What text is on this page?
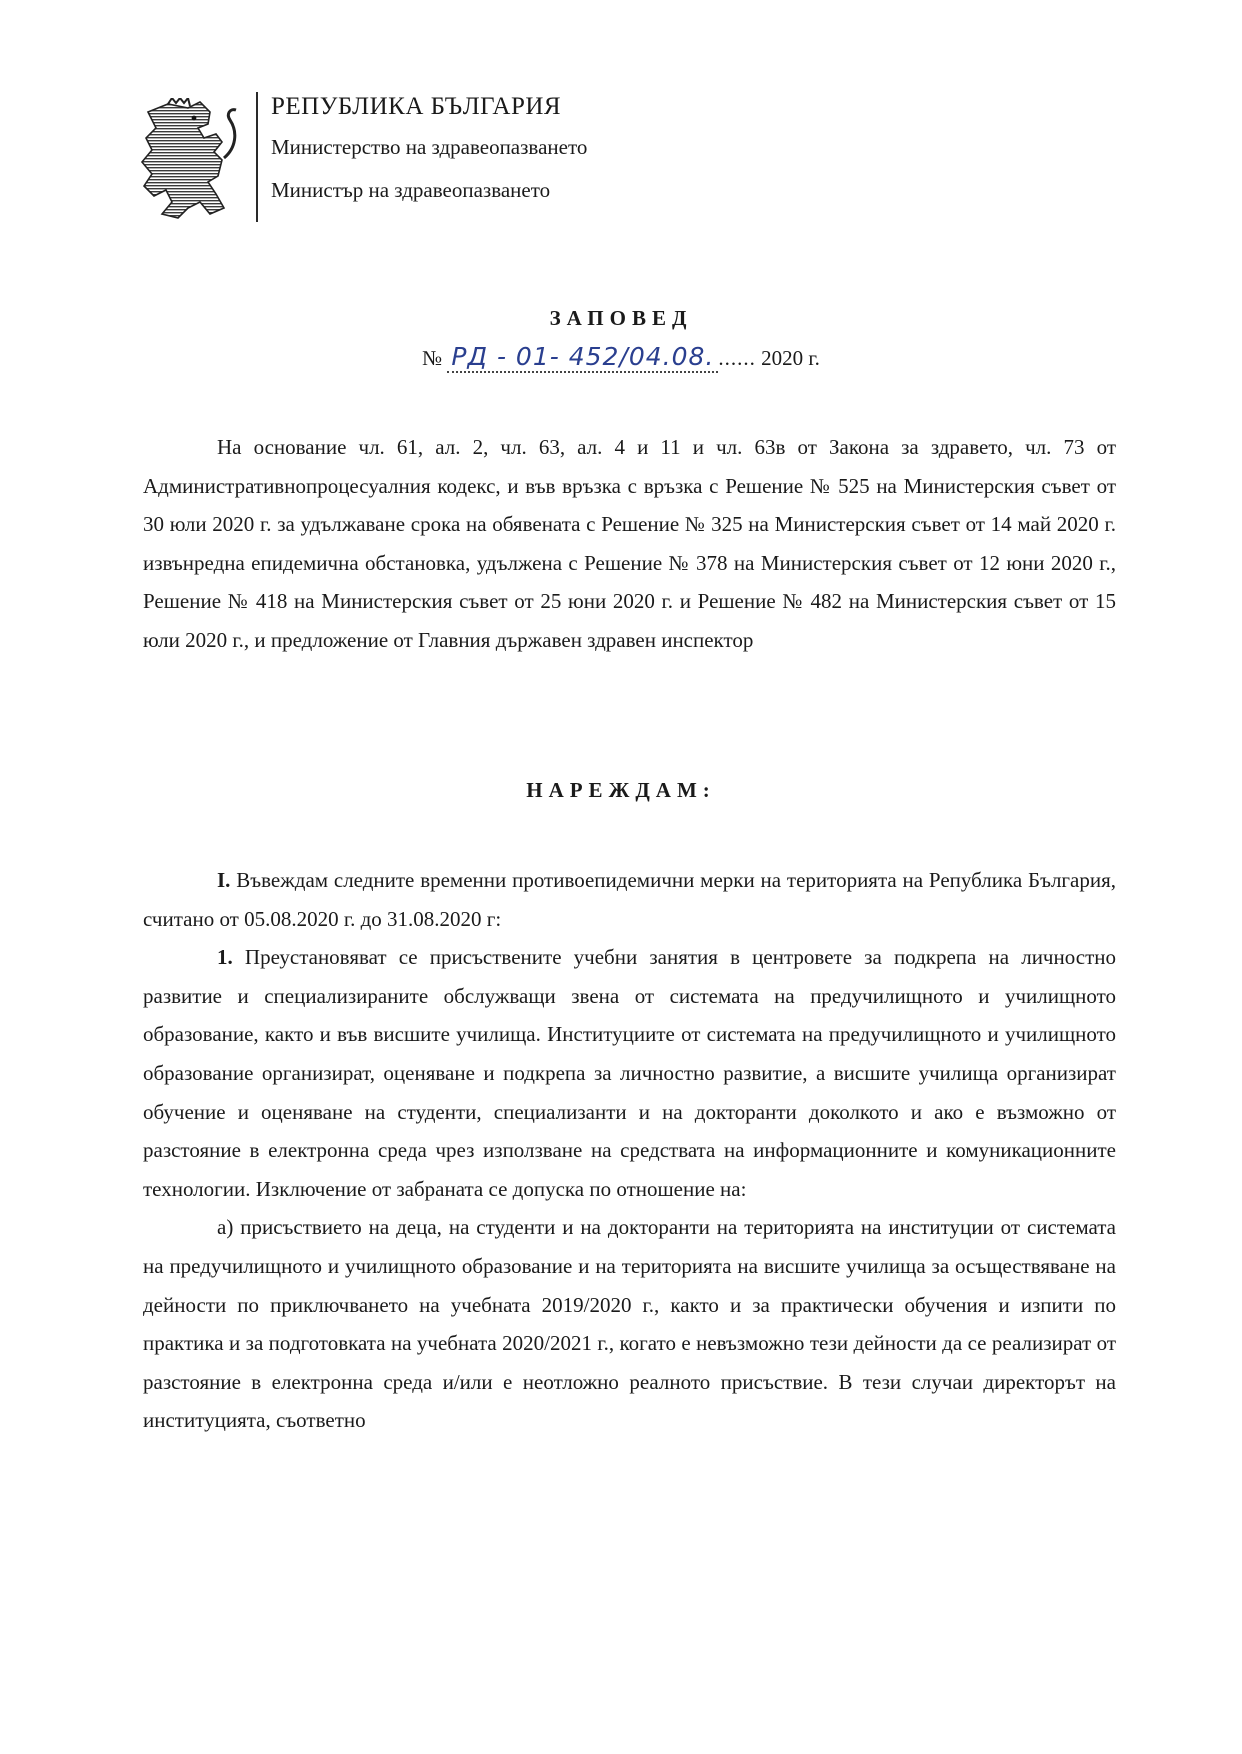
РЕПУБЛИКА БЪЛГАРИЯ
Министерство на здравеопазването
Министър на здравеопазването
ЗАПОВЕД
№ РД - 01- 452/04.08. ...... 2020 г.

На основание чл. 61, ал. 2, чл. 63, ал. 4 и 11 и чл. 63в от Закона за здравето, чл. 73 от Административнопроцесуалния кодекс, и във връзка с връзка с Решение № 525 на Министерския съвет от 30 юли 2020 г. за удължаване срока на обявената с Решение № 325 на Министерския съвет от 14 май 2020 г. извънредна епидемична обстановка, удължена с Решение № 378 на Министерския съвет от 12 юни 2020 г., Решение № 418 на Министерския съвет от 25 юни 2020 г. и Решение № 482 на Министерския съвет от 15 юли 2020 г., и предложение от Главния държавен здравен инспектор

НАРЕЖДАМ:

I. Въвеждам следните временни противоепидемични мерки на територията на Република България, считано от 05.08.2020 г. до 31.08.2020 г:

1. Преустановяват се присъствените учебни занятия в центровете за подкрепа на личностно развитие и специализираните обслужващи звена от системата на предучилищното и училищното образование, както и във висшите училища. Институциите от системата на предучилищното и училищното образование организират, оценяване и подкрепа за личностно развитие, а висшите училища организират обучение и оценяване на студенти, специализанти и на докторанти доколкото и ако е възможно от разстояние в електронна среда чрез използване на средствата на информационните и комуникационните технологии. Изключение от забраната се допуска по отношение на:

а) присъствието на деца, на студенти и на докторанти на територията на институции от системата на предучилищното и училищното образование и на територията на висшите училища за осъществяване на дейности по приключването на учебната 2019/2020 г., както и за практически обучения и изпити по практика и за подготовката на учебната 2020/2021 г., когато е невъзможно тези дейности да се реализират от разстояние в електронна среда и/или е неотложно реалното присъствие. В тези случаи директорът на институцията, съответно
